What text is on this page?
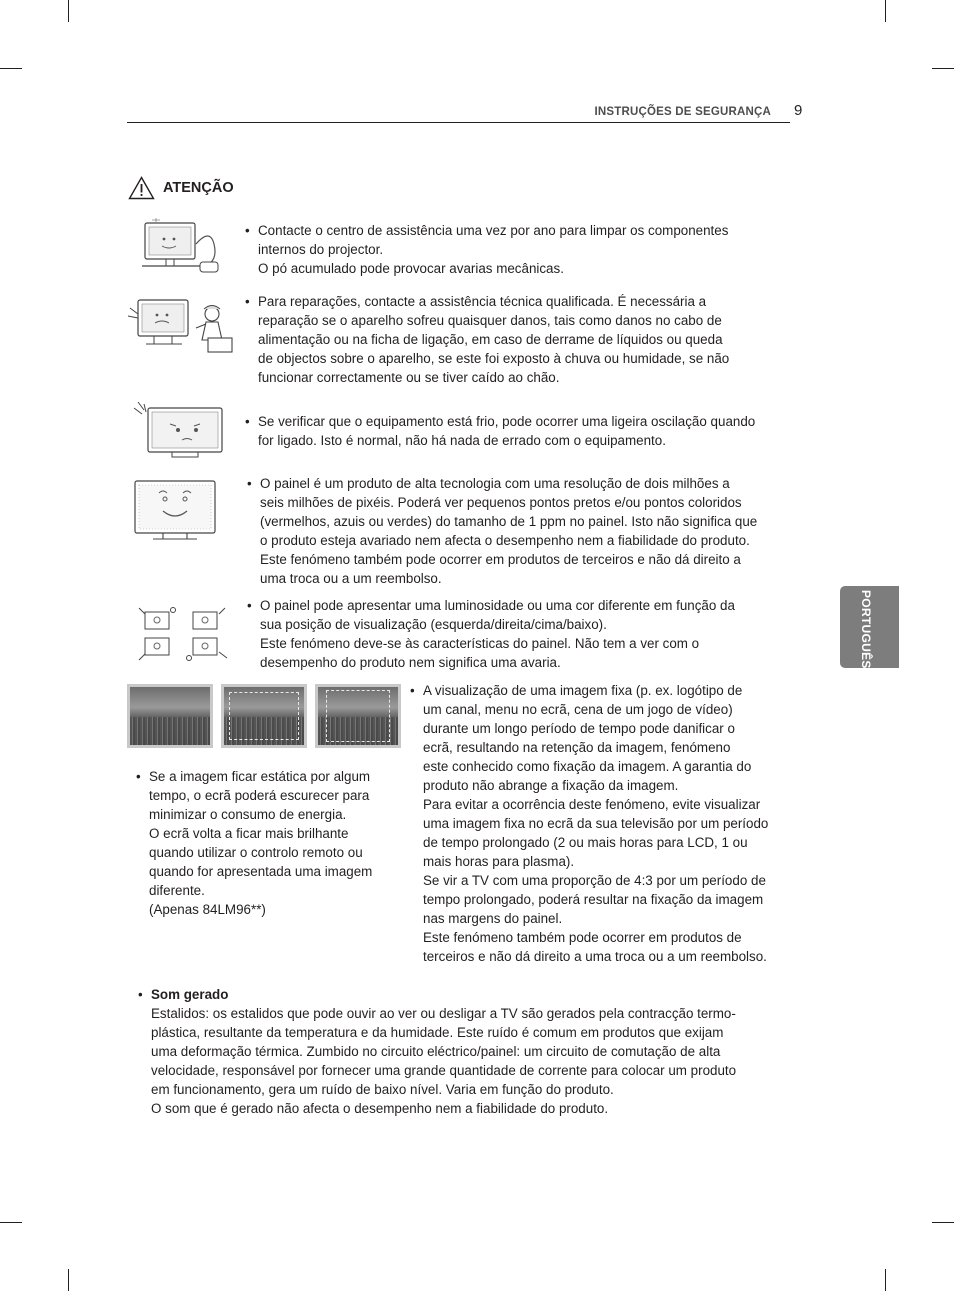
INSTRUÇÕES DE SEGURANÇA 9
PORTUGUÊS
ATENÇÃO
• Contacte o centro de assistência uma vez por ano para limpar os componentes

internos do projector.

O pó acumulado pode provocar avarias mecânicas.

• Para reparações, contacte a assistência técnica qualificada. É necessária a

reparação se o aparelho sofreu quaisquer danos, tais como danos no cabo de

alimentação ou na ficha de ligação, em caso de derrame de líquidos ou queda

de objectos sobre o aparelho, se este foi exposto à chuva ou humidade, se não

funcionar correctamente ou se tiver caído ao chão.

• Se verificar que o equipamento está frio, pode ocorrer uma ligeira oscilação quando

for ligado. Isto é normal, não há nada de errado com o equipamento.

• O painel é um produto de alta tecnologia com uma resolução de dois milhões a

seis milhões de pixéis. Poderá ver pequenos pontos pretos e/ou pontos coloridos

(vermelhos, azuis ou verdes) do tamanho de 1 ppm no painel. Isto não significa que

o produto esteja avariado nem afecta o desempenho nem a fiabilidade do produto.

Este fenómeno também pode ocorrer em produtos de terceiros e não dá direito a

uma troca ou a um reembolso.

• O painel pode apresentar uma luminosidade ou uma cor diferente em função da

sua posição de visualização (esquerda/direita/cima/baixo).

Este fenómeno deve-se às características do painel. Não tem a ver com o

desempenho do produto nem significa uma avaria.

• A visualização de uma imagem fixa (p. ex. logótipo de

um canal, menu no ecrã, cena de um jogo de vídeo)

durante um longo período de tempo pode danificar o

ecrã, resultando na retenção da imagem, fenómeno

este conhecido como fixação da imagem. A garantia do

produto não abrange a fixação da imagem.

Para evitar a ocorrência deste fenómeno, evite visualizar

uma imagem fixa no ecrã da sua televisão por um período

de tempo prolongado (2 ou mais horas para LCD, 1 ou

mais horas para plasma).

Se vir a TV com uma proporção de 4:3 por um período de

tempo prolongado, poderá resultar na fixação da imagem

nas margens do painel.

Este fenómeno também pode ocorrer em produtos de

terceiros e não dá direito a uma troca ou a um reembolso.

• Se a imagem ficar estática por algum

tempo, o ecrã poderá escurecer para

minimizar o consumo de energia.

O ecrã volta a ficar mais brilhante

quando utilizar o controlo remoto ou

quando for apresentada uma imagem

diferente.

(Apenas 84LM96**)

• Som gerado

Estalidos: os estalidos que pode ouvir ao ver ou desligar a TV são gerados pela contracção termo-

plástica, resultante da temperatura e da humidade. Este ruído é comum em produtos que exijam

uma deformação térmica. Zumbido no circuito eléctrico/painel: um circuito de comutação de alta

velocidade, responsável por fornecer uma grande quantidade de corrente para colocar um produto

em funcionamento, gera um ruído de baixo nível. Varia em função do produto.

O som que é gerado não afecta o desempenho nem a fiabilidade do produto.
